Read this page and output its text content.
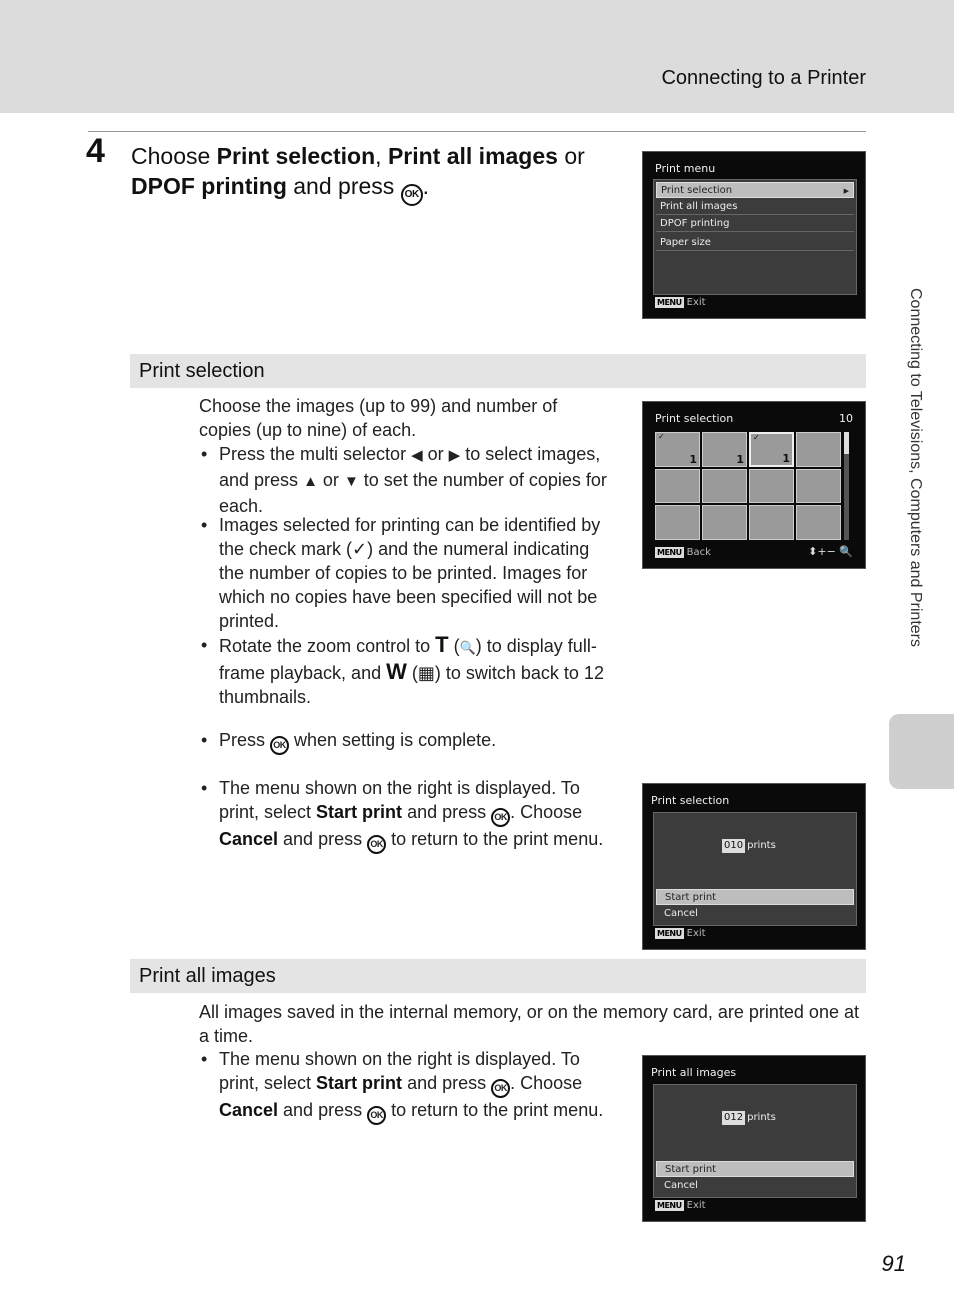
Connecting to a Printer
Connecting to Televisions, Computers and Printers
4 Choose Print selection, Print all images or DPOF printing and press OK .
Print menu
Print selection	▶
Print all images
DPOF printing
Paper size
MENU Exit
Print selection
Choose the images (up to 99) and number of copies (up to nine) of each.
• Press the multi selector ◀ or ▶ to select images, and press ▲ or ▼ to set the number of copies for each.
• Images selected for printing can be identified by the check mark (✓) and the numeral indicating the number of copies to be printed. Images for which no copies have been specified will not be printed.
• Rotate the zoom control to T (🔍) to display full-frame playback, and W (▦) to switch back to 12 thumbnails.
• Press OK when setting is complete.
• The menu shown on the right is displayed. To print, select Start print and press OK . Choose Cancel and press OK to return to the print menu.
Print selection	10
✓
1	1
✓
1
MENU Back	⬍+− 🔍
Print selection
010 prints
Start print
Cancel
MENU Exit
Print all images
All images saved in the internal memory, or on the memory card, are printed one at a time.
• The menu shown on the right is displayed. To print, select Start print and press OK . Choose Cancel and press OK to return to the print menu.
Print all images
012 prints
Start print
Cancel
MENU Exit
91
